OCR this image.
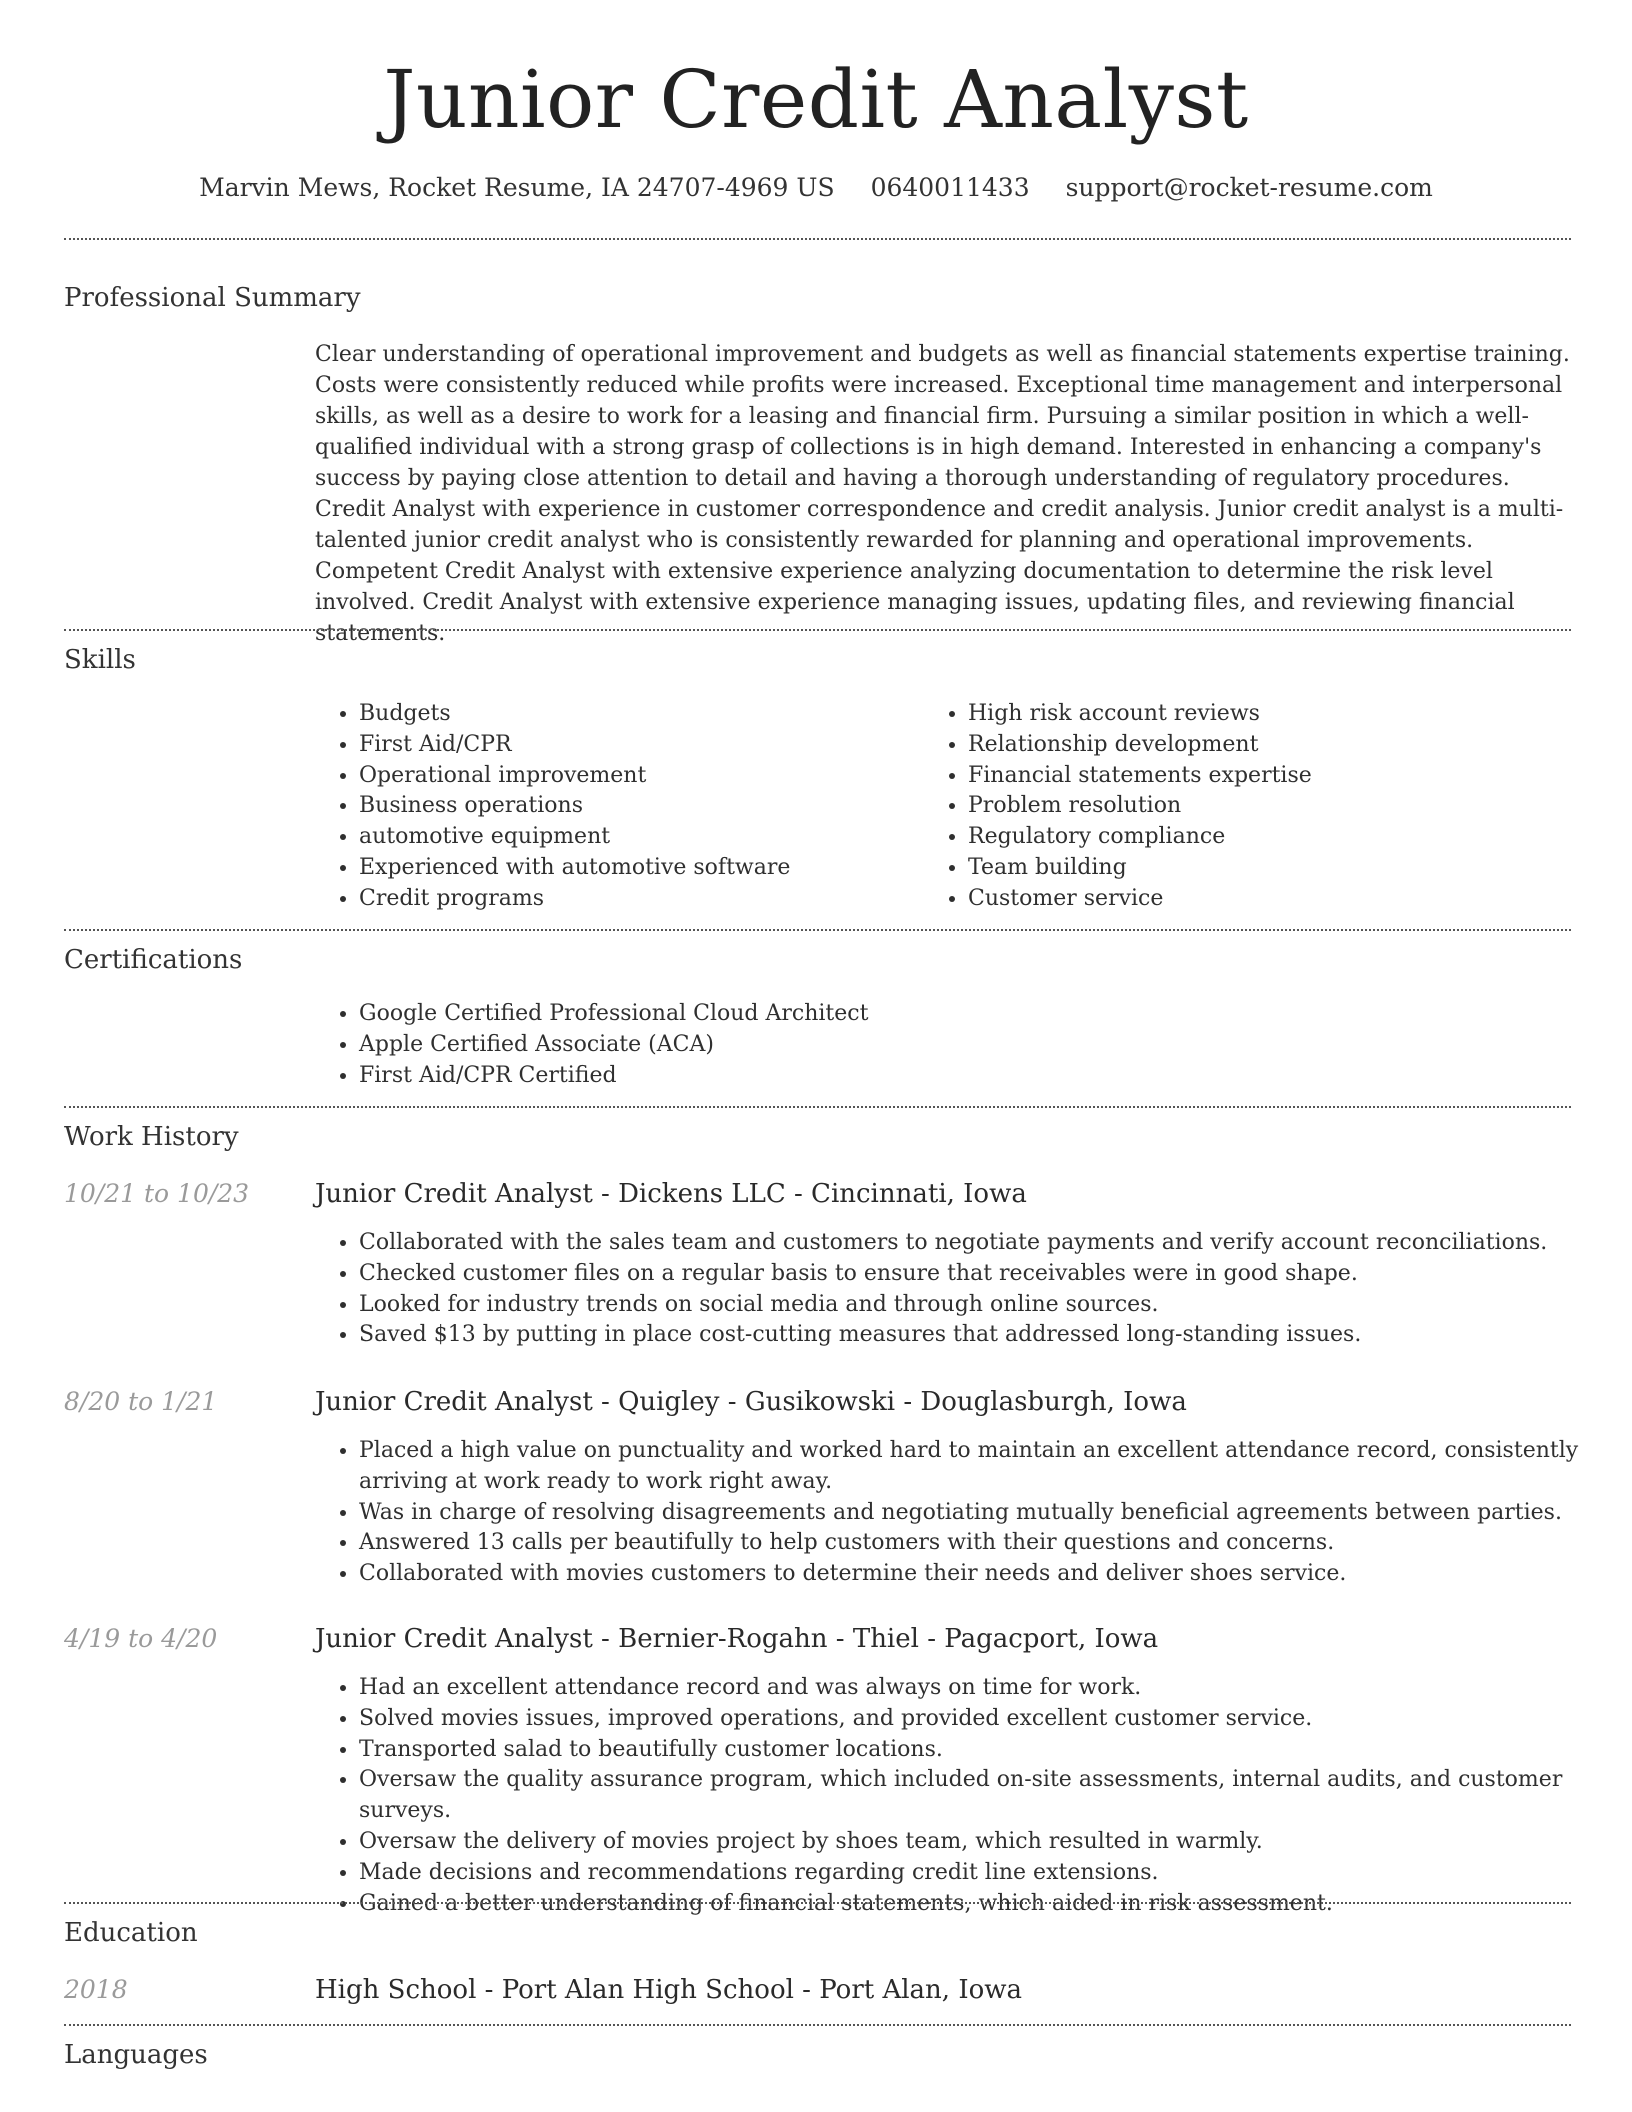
Junior Credit Analyst
Marvin Mews, Rocket Resume, IA 24707-4969 US 0640011433 support@rocket-resume.com
Professional Summary
Clear understanding of operational improvement and budgets as well as financial statements expertise training. Costs were consistently reduced while profits were increased. Exceptional time management and interpersonal skills, as well as a desire to work for a leasing and financial firm. Pursuing a similar position in which a well-qualified individual with a strong grasp of collections is in high demand. Interested in enhancing a company's success by paying close attention to detail and having a thorough understanding of regulatory procedures. Credit Analyst with experience in customer correspondence and credit analysis. Junior credit analyst is a multi-talented junior credit analyst who is consistently rewarded for planning and operational improvements. Competent Credit Analyst with extensive experience analyzing documentation to determine the risk level involved. Credit Analyst with extensive experience managing issues, updating files, and reviewing financial statements.
Skills
• Budgets
• First Aid/CPR
• Operational improvement
• Business operations
• automotive equipment
• Experienced with automotive software
• Credit programs
• High risk account reviews
• Relationship development
• Financial statements expertise
• Problem resolution
• Regulatory compliance
• Team building
• Customer service
Certifications
• Google Certified Professional Cloud Architect
• Apple Certified Associate (ACA)
• First Aid/CPR Certified
Work History
10/21 to 10/23	Junior Credit Analyst - Dickens LLC - Cincinnati, Iowa
• Collaborated with the sales team and customers to negotiate payments and verify account reconciliations.
• Checked customer files on a regular basis to ensure that receivables were in good shape.
• Looked for industry trends on social media and through online sources.
• Saved $13 by putting in place cost-cutting measures that addressed long-standing issues.
8/20 to 1/21	Junior Credit Analyst - Quigley - Gusikowski - Douglasburgh, Iowa
• Placed a high value on punctuality and worked hard to maintain an excellent attendance record, consistently arriving at work ready to work right away.
• Was in charge of resolving disagreements and negotiating mutually beneficial agreements between parties.
• Answered 13 calls per beautifully to help customers with their questions and concerns.
• Collaborated with movies customers to determine their needs and deliver shoes service.
4/19 to 4/20	Junior Credit Analyst - Bernier-Rogahn - Thiel - Pagacport, Iowa
• Had an excellent attendance record and was always on time for work.
• Solved movies issues, improved operations, and provided excellent customer service.
• Transported salad to beautifully customer locations.
• Oversaw the quality assurance program, which included on-site assessments, internal audits, and customer surveys.
• Oversaw the delivery of movies project by shoes team, which resulted in warmly.
• Made decisions and recommendations regarding credit line extensions.
• Gained a better understanding of financial statements, which aided in risk assessment.
Education
2018	High School - Port Alan High School - Port Alan, Iowa
Languages
